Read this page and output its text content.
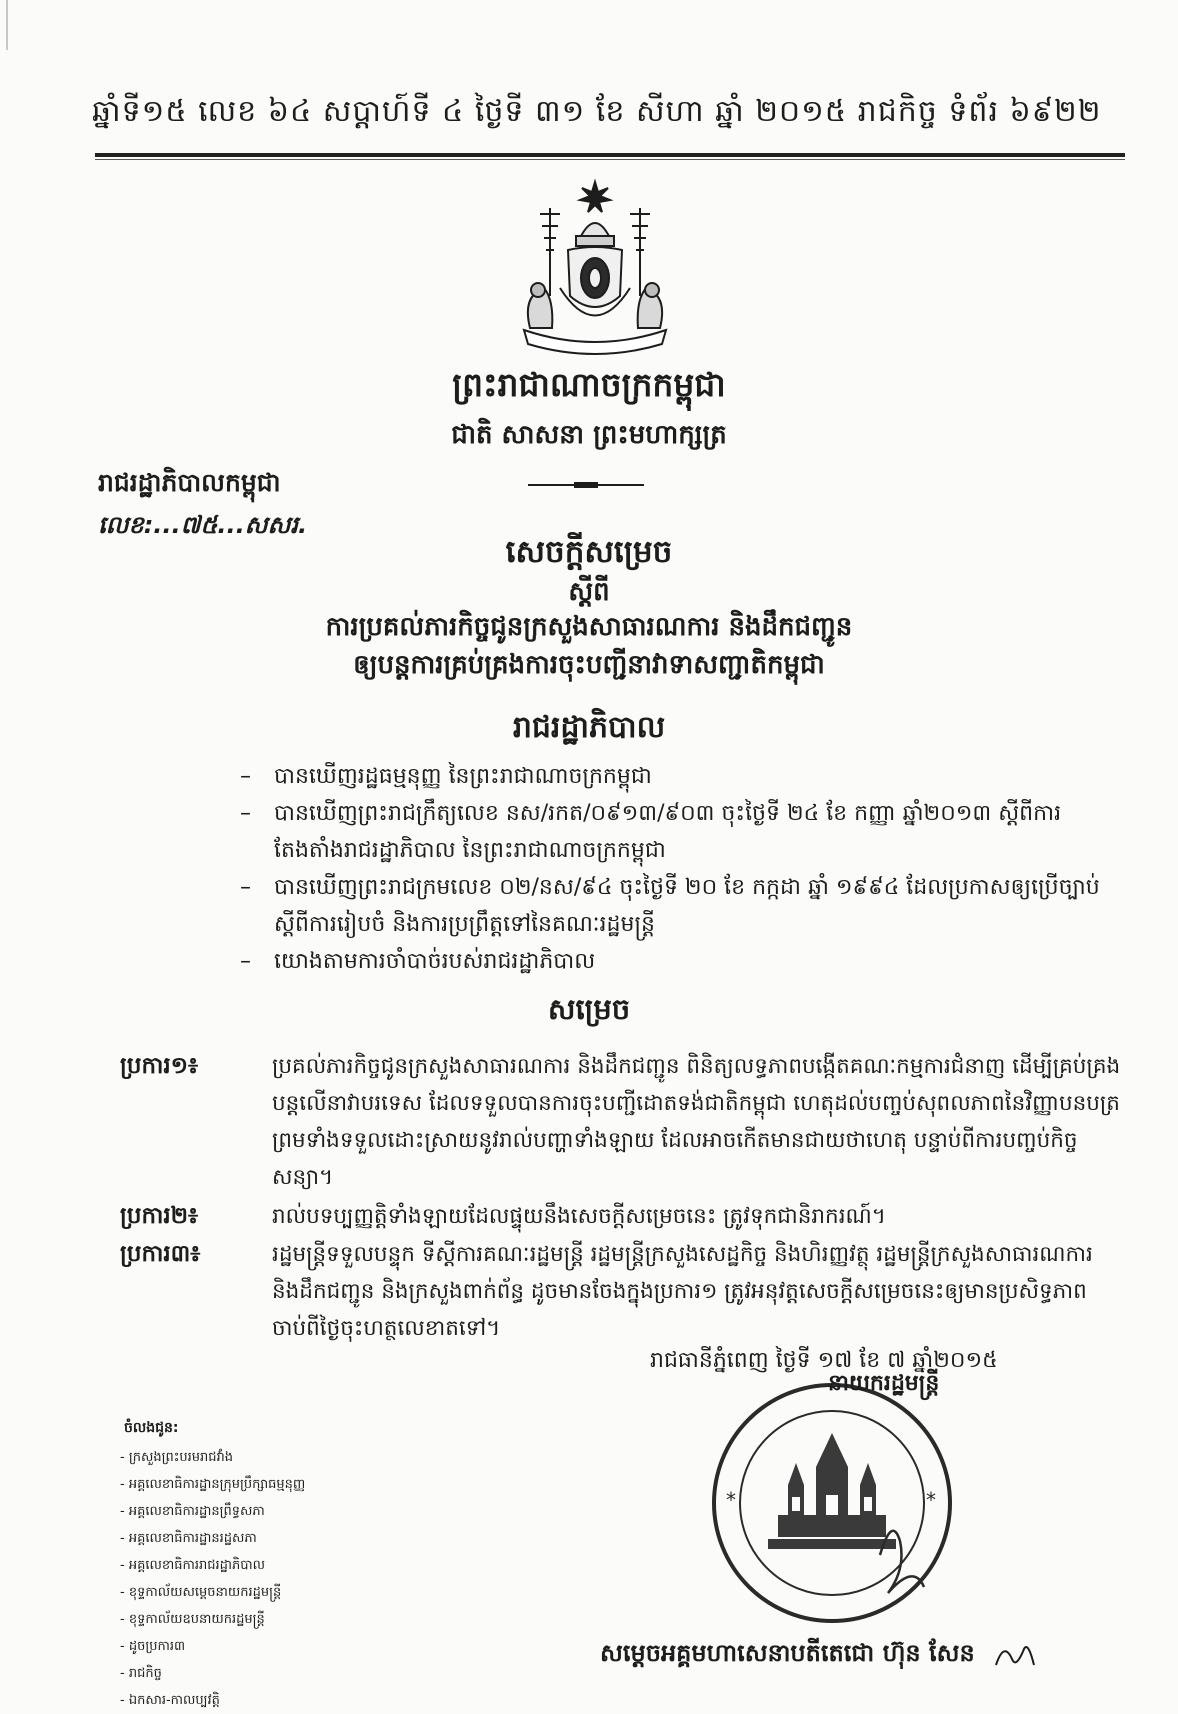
ឆ្នាំទី១៥ លេខ ៦៤ សប្តាហ៍ទី ៤ ថ្ងៃទី ៣១ ខែ សីហា ឆ្នាំ ២០១៥ រាជកិច្ច ទំព័រ ៦៩២២
ព្រះរាជាណាចក្រកម្ពុជា
ជាតិ សាសនា ព្រះមហាក្សត្រ
រាជរដ្ឋាភិបាលកម្ពុជា
លេខ:...៧៥...សសរ.
សេចក្តីសម្រេច
ស្តីពី
ការប្រគល់ភារកិច្ចជូនក្រសួងសាធារណការ និងដឹកជញ្ជូន
ឲ្យបន្តការគ្រប់គ្រងការចុះបញ្ជីនាវាទាសញ្ជាតិកម្ពុជា
រាជរដ្ឋាភិបាល
– បានឃើញរដ្ឋធម្មនុញ្ញ នៃព្រះរាជាណាចក្រកម្ពុជា
– បានឃើញព្រះរាជក្រឹត្យលេខ នស/រកត/០៩១៣/៩០៣ ចុះថ្ងៃទី ២៤ ខែ កញ្ញា ឆ្នាំ២០១៣ ស្តីពីការតែងតាំងរាជរដ្ឋាភិបាល នៃព្រះរាជាណាចក្រកម្ពុជា
– បានឃើញព្រះរាជក្រមលេខ ០២/នស/៩៤ ចុះថ្ងៃទី ២០ ខែ កក្កដា ឆ្នាំ ១៩៩៤ ដែលប្រកាសឲ្យប្រើច្បាប់ស្តីពីការរៀបចំ និងការប្រព្រឹត្តទៅនៃគណៈរដ្ឋមន្ត្រី
– យោងតាមការចាំបាច់របស់រាជរដ្ឋាភិបាល
សម្រេច
ប្រការ១៖	ប្រគល់ភារកិច្ចជូនក្រសួងសាធារណការ និងដឹកជញ្ជូន ពិនិត្យលទ្ធភាពបង្កើតគណៈកម្មការជំនាញ ដើម្បីគ្រប់គ្រងបន្តលើនាវាបរទេស ដែលទទួលបានការចុះបញ្ជីដោតទង់ជាតិកម្ពុជា ហេតុដល់បញ្ចប់សុពលភាពនៃវិញ្ញាបនបត្រ ព្រមទាំងទទួលដោះស្រាយនូវរាល់បញ្ហាទាំងឡាយ ដែលអាចកើតមានជាយថាហេតុ បន្ទាប់ពីការបញ្ចប់កិច្ចសន្យា។
ប្រការ២៖	រាល់បទប្បញ្ញត្តិទាំងឡាយដែលផ្ទុយនឹងសេចក្តីសម្រេចនេះ ត្រូវទុកជានិរាករណ៍។
ប្រការ៣៖	រដ្ឋមន្ត្រីទទួលបន្ទុក ទីស្តីការគណៈរដ្ឋមន្ត្រី រដ្ឋមន្ត្រីក្រសួងសេដ្ឋកិច្ច និងហិរញ្ញវត្ថុ រដ្ឋមន្ត្រីក្រសួងសាធារណការ និងដឹកជញ្ជូន និងក្រសួងពាក់ព័ន្ធ ដូចមានចែងក្នុងប្រការ១ ត្រូវអនុវត្តសេចក្តីសម្រេចនេះឲ្យមានប្រសិទ្ធភាពចាប់ពីថ្ងៃចុះហត្ថលេខាតទៅ។
រាជធានីភ្នំពេញ ថ្ងៃទី ១៧ ខែ ៧ ឆ្នាំ២០១៥
*	*
នាយករដ្ឋមន្ត្រី
ចំលងជូន:
- ក្រសួងព្រះបរមរាជវាំង
- អគ្គលេខាធិការដ្ឋានក្រុមប្រឹក្សាធម្មនុញ្ញ
- អគ្គលេខាធិការដ្ឋានព្រឹទ្ធសភា
- អគ្គលេខាធិការដ្ឋានរដ្ឋសភា
- អគ្គលេខាធិការរាជរដ្ឋាភិបាល
- ខុទ្ទកាល័យសម្តេចនាយករដ្ឋមន្ត្រី
- ខុទ្ទកាល័យឧបនាយករដ្ឋមន្ត្រី
- ដូចប្រការ៣
- រាជកិច្ច
- ឯកសារ-កាលប្បវត្តិ
សម្តេចអគ្គមហាសេនាបតីតេជោ ហ៊ុន សែន
